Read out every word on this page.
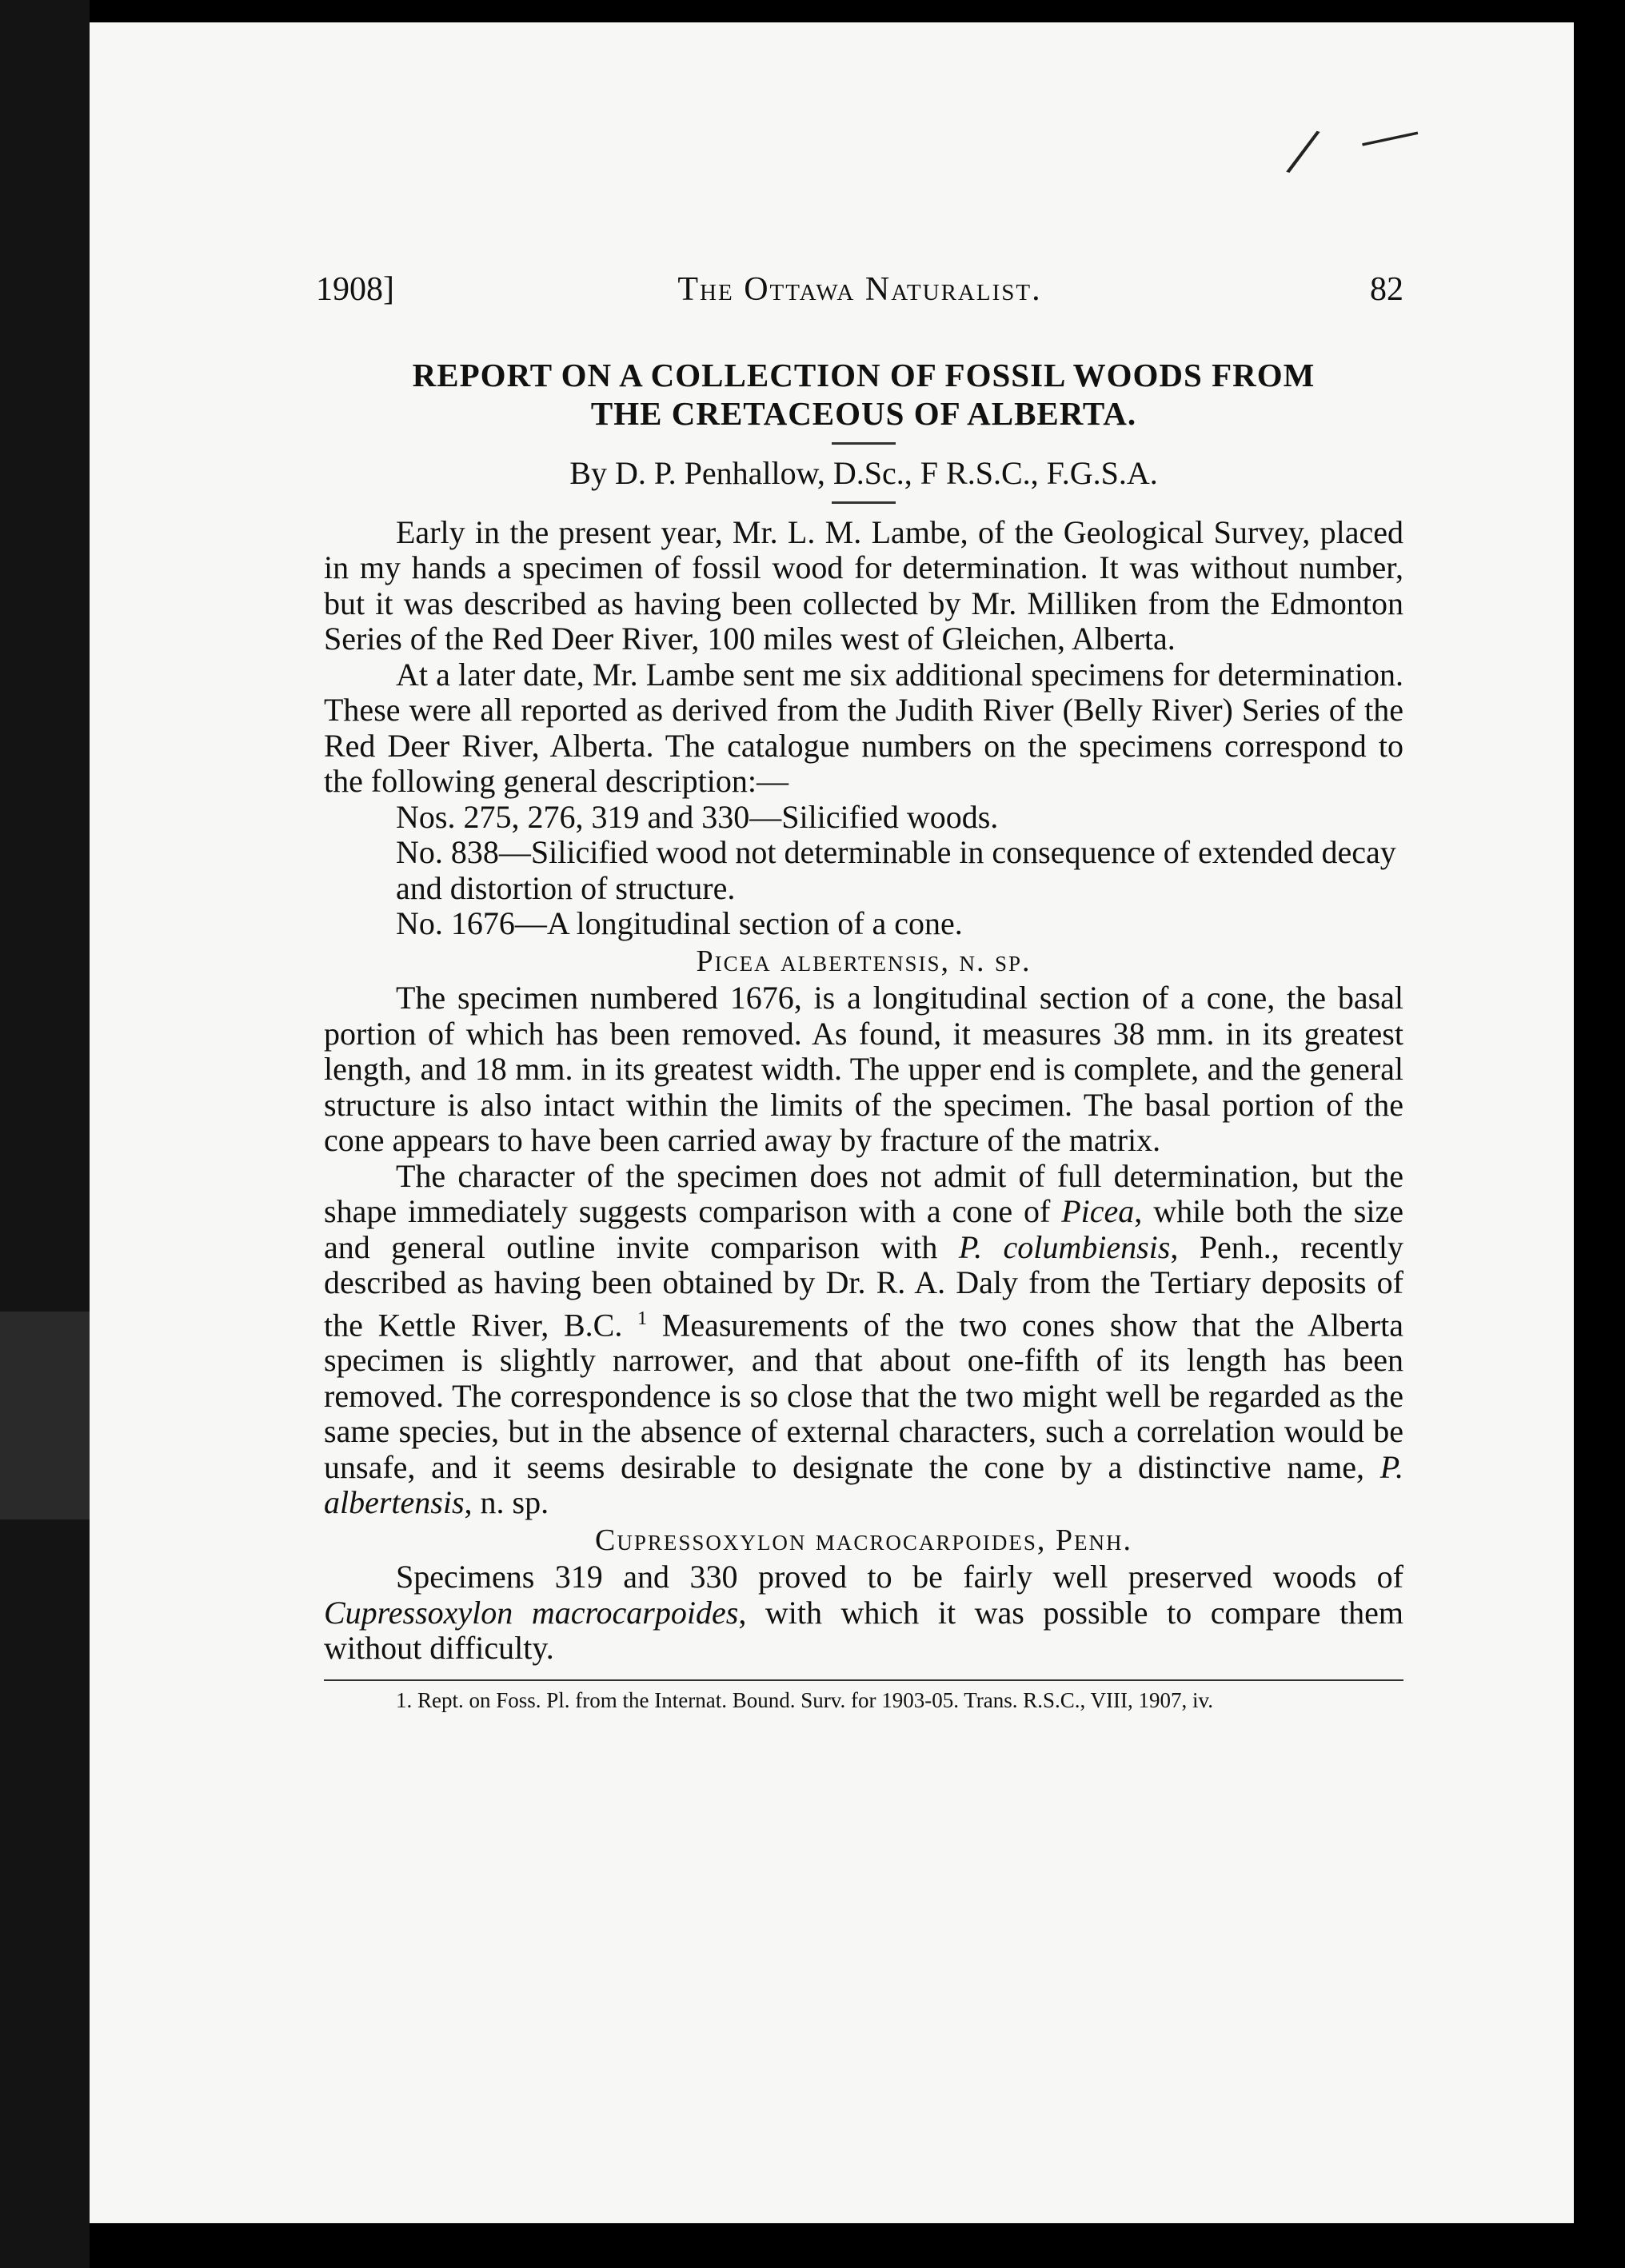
/ —
1908]	The Ottawa Naturalist.	82
REPORT ON A COLLECTION OF FOSSIL WOODS FROM
THE CRETACEOUS OF ALBERTA.

By D. P. Penhallow, D.Sc., F R.S.C., F.G.S.A.

Early in the present year, Mr. L. M. Lambe, of the Geological Survey, placed in my hands a specimen of fossil wood for determination. It was without number, but it was described as having been collected by Mr. Milliken from the Edmonton Series of the Red Deer River, 100 miles west of Gleichen, Alberta.

At a later date, Mr. Lambe sent me six additional specimens for determination. These were all reported as derived from the Judith River (Belly River) Series of the Red Deer River, Alberta. The catalogue numbers on the specimens correspond to the following general description:—

Nos. 275, 276, 319 and 330—Silicified woods.

No. 838—Silicified wood not determinable in consequence of extended decay and distortion of structure.

No. 1676—A longitudinal section of a cone.

Picea albertensis, n. sp.

The specimen numbered 1676, is a longitudinal section of a cone, the basal portion of which has been removed. As found, it measures 38 mm. in its greatest length, and 18 mm. in its greatest width. The upper end is complete, and the general structure is also intact within the limits of the specimen. The basal portion of the cone appears to have been carried away by fracture of the matrix.

The character of the specimen does not admit of full determination, but the shape immediately suggests comparison with a cone of Picea, while both the size and general outline invite comparison with P. columbiensis, Penh., recently described as having been obtained by Dr. R. A. Daly from the Tertiary deposits of the Kettle River, B.C. $^1$ Measurements of the two cones show that the Alberta specimen is slightly narrower, and that about one-fifth of its length has been removed. The correspondence is so close that the two might well be regarded as the same species, but in the absence of external characters, such a correlation would be unsafe, and it seems desirable to designate the cone by a distinctive name, P. albertensis, n. sp.

Cupressoxylon macrocarpoides, Penh.

Specimens 319 and 330 proved to be fairly well preserved woods of Cupressoxylon macrocarpoides, with which it was possible to compare them without difficulty.

1. Rept. on Foss. Pl. from the Internat. Bound. Surv. for 1903-05. Trans. R.S.C., VIII, 1907, iv.
